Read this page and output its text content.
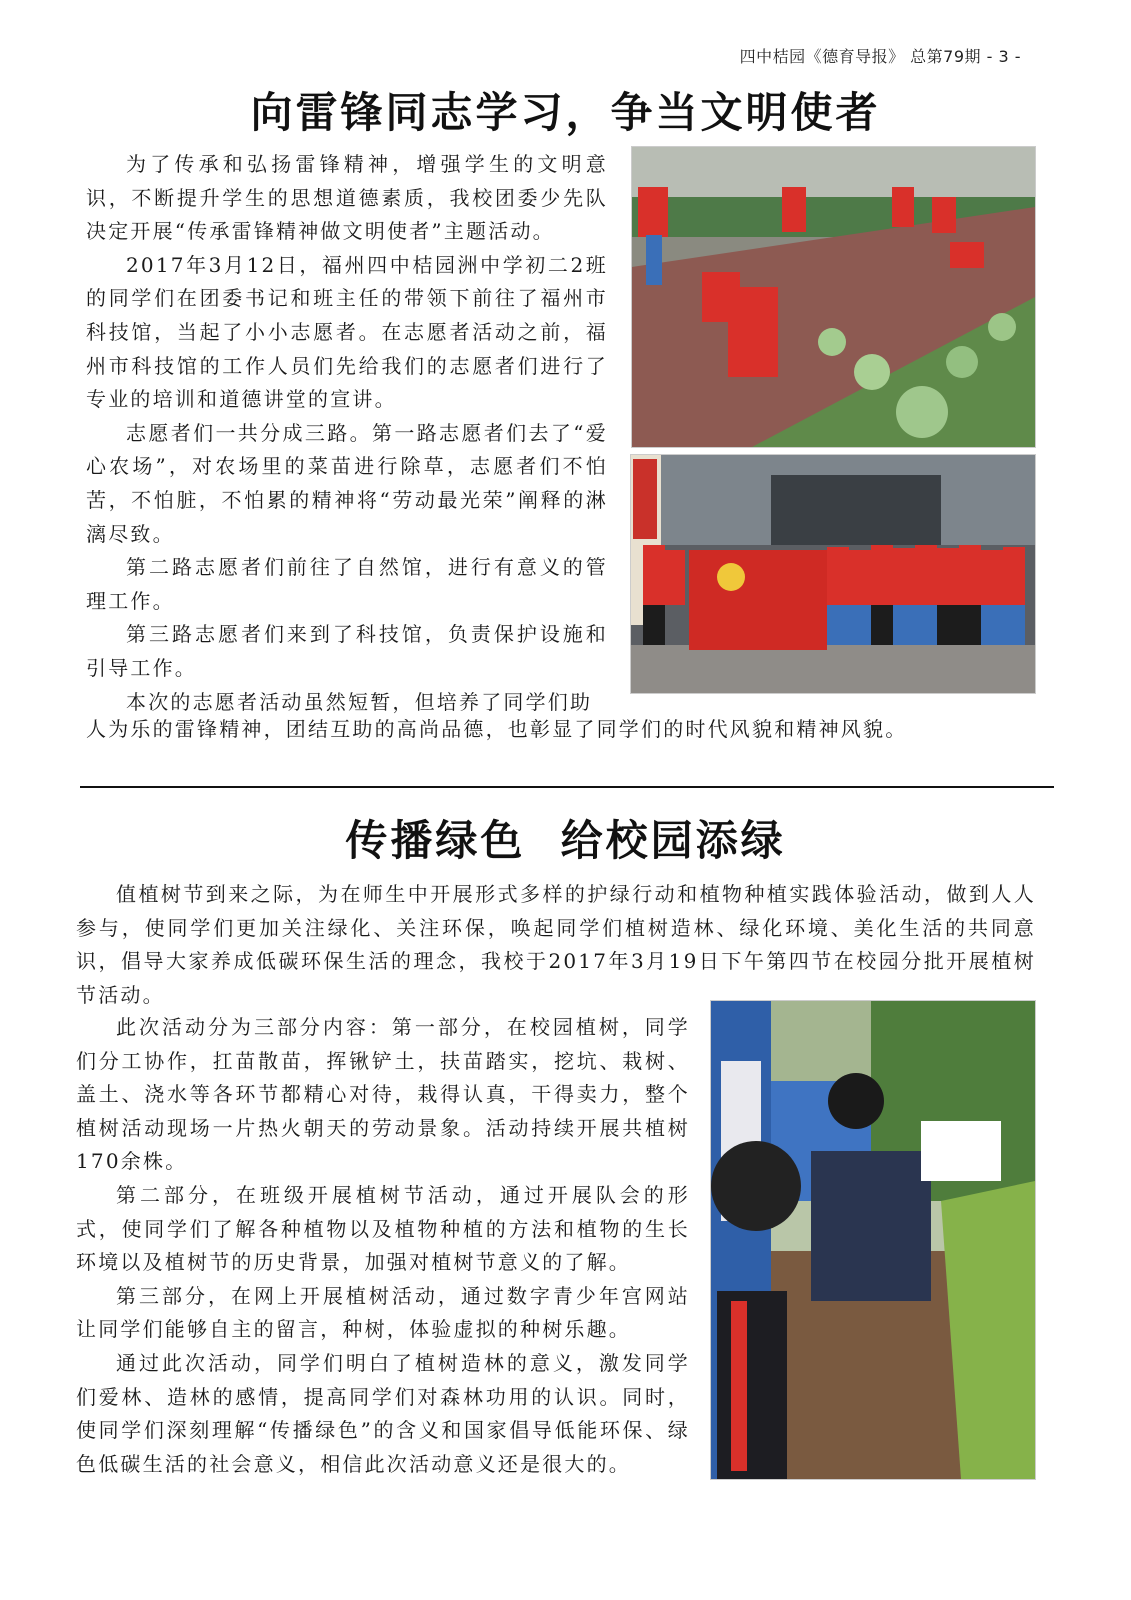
四中桔园《德育导报》 总第79期 - 3 -
向雷锋同志学习，争当文明使者

为了传承和弘扬雷锋精神，增强学生的文明意识，不断提升学生的思想道德素质，我校团委少先队决定开展“传承雷锋精神做文明使者”主题活动。

2017年3月12日，福州四中桔园洲中学初二2班的同学们在团委书记和班主任的带领下前往了福州市科技馆，当起了小小志愿者。在志愿者活动之前，福州市科技馆的工作人员们先给我们的志愿者们进行了专业的培训和道德讲堂的宣讲。

志愿者们一共分成三路。第一路志愿者们去了“爱心农场”，对农场里的菜苗进行除草，志愿者们不怕苦，不怕脏，不怕累的精神将“劳动最光荣”阐释的淋漓尽致。

第二路志愿者们前往了自然馆，进行有意义的管理工作。

第三路志愿者们来到了科技馆，负责保护设施和引导工作。

本次的志愿者活动虽然短暂，但培养了同学们助

人为乐的雷锋精神，团结互助的高尚品德，也彰显了同学们的时代风貌和精神风貌。

传播绿色  给校园添绿

值植树节到来之际，为在师生中开展形式多样的护绿行动和植物种植实践体验活动，做到人人参与，使同学们更加关注绿化、关注环保，唤起同学们植树造林、绿化环境、美化生活的共同意识，倡导大家养成低碳环保生活的理念，我校于2017年3月19日下午第四节在校园分批开展植树节活动。

此次活动分为三部分内容：第一部分，在校园植树，同学们分工协作，扛苗散苗，挥锹铲土，扶苗踏实，挖坑、栽树、盖土、浇水等各环节都精心对待，栽得认真，干得卖力，整个植树活动现场一片热火朝天的劳动景象。活动持续开展共植树170余株。

第二部分，在班级开展植树节活动，通过开展队会的形式，使同学们了解各种植物以及植物种植的方法和植物的生长环境以及植树节的历史背景，加强对植树节意义的了解。

第三部分，在网上开展植树活动，通过数字青少年宫网站让同学们能够自主的留言，种树，体验虚拟的种树乐趣。

通过此次活动，同学们明白了植树造林的意义，激发同学们爱林、造林的感情，提高同学们对森林功用的认识。同时，使同学们深刻理解“传播绿色”的含义和国家倡导低能环保、绿色低碳生活的社会意义，相信此次活动意义还是很大的。
